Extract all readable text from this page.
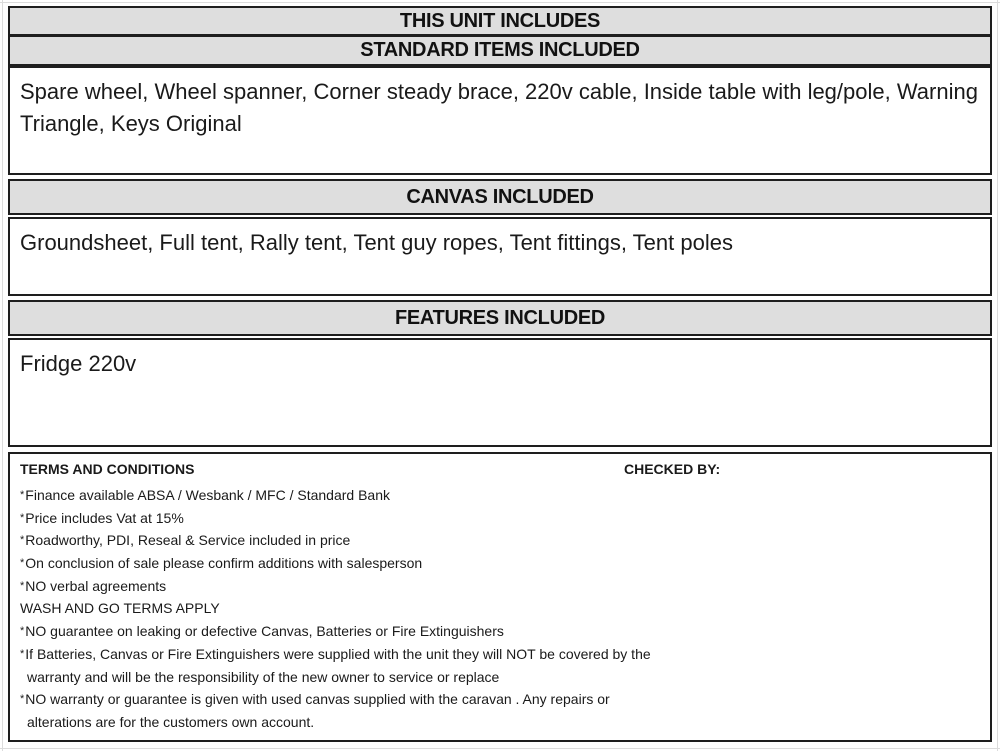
THIS UNIT INCLUDES
STANDARD ITEMS INCLUDED
Spare wheel, Wheel spanner, Corner steady brace, 220v cable, Inside table with leg/pole, Warning Triangle, Keys Original
CANVAS INCLUDED
Groundsheet, Full tent, Rally tent, Tent guy ropes, Tent fittings, Tent poles
FEATURES INCLUDED
Fridge 220v
TERMS AND CONDITIONS	CHECKED BY:
*Finance available ABSA / Wesbank / MFC / Standard Bank
*Price includes Vat at 15%
*Roadworthy, PDI, Reseal & Service included in price
*On conclusion of sale please confirm additions with salesperson
*NO verbal agreements
WASH AND GO TERMS APPLY
*NO guarantee on leaking or defective Canvas, Batteries or Fire Extinguishers
*If Batteries, Canvas or Fire Extinguishers were supplied with the unit they will NOT be covered by the
warranty and will be the responsibility of the new owner to service or replace
*NO warranty or guarantee is given with used canvas supplied with the caravan . Any repairs or
alterations are for the customers own account.
